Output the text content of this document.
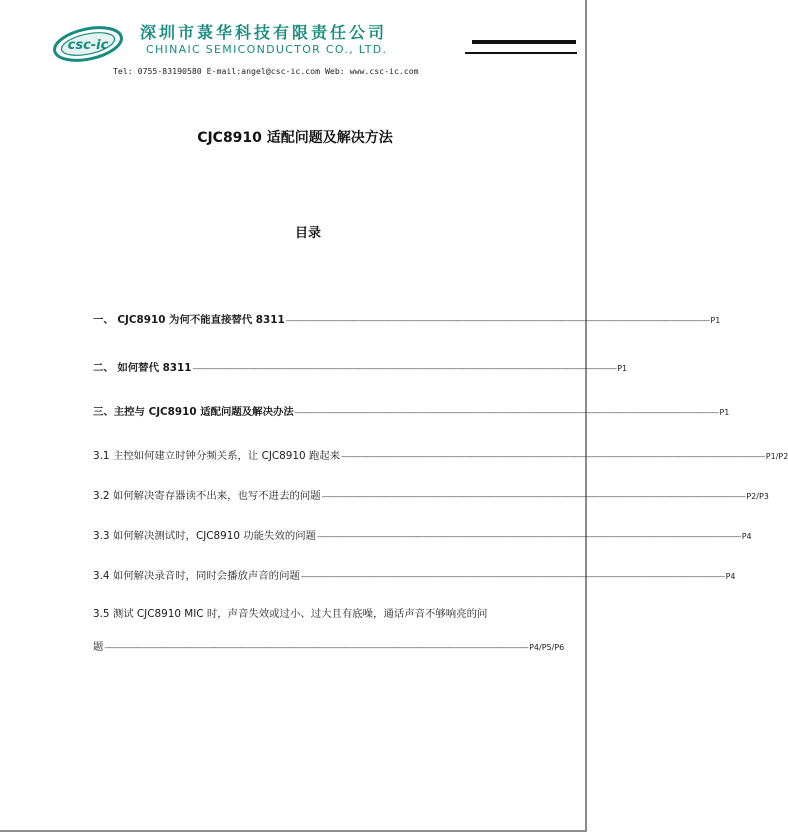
csc-ic
深圳市菉华科技有限责任公司
CHINAIC SEMICONDUCTOR CO., LTD.
Tel: 0755-83190580 E-mail:angel@csc-ic.com Web: www.csc-ic.com
CJC8910 适配问题及解决方法
目录
一、 CJC8910 为何不能直接替代 8311 ---------------------------------------------------------------------------------------------------------------------------------------------------------------------------------------------------------------------------- P1
二、 如何替代 8311 ---------------------------------------------------------------------------------------------------------------------------------------------------------------------------------------------------------------------------- P1
三、主控与 CJC8910 适配问题及解决办法 ---------------------------------------------------------------------------------------------------------------------------------------------------------------------------------------------------------------------------- P1
3.1 主控如何建立时钟分频关系，让 CJC8910 跑起来 ---------------------------------------------------------------------------------------------------------------------------------------------------------------------------------------------------------------------------- P1/P2
3.2 如何解决寄存器读不出来，也写不进去的问题 ---------------------------------------------------------------------------------------------------------------------------------------------------------------------------------------------------------------------------- P2/P3
3.3 如何解决测试时，CJC8910 功能失效的问题 ---------------------------------------------------------------------------------------------------------------------------------------------------------------------------------------------------------------------------- P4
3.4 如何解决录音时，同时会播放声音的问题 ---------------------------------------------------------------------------------------------------------------------------------------------------------------------------------------------------------------------------- P4
3.5 测试 CJC8910 MIC 时，声音失效或过小、过大且有底噪，通话声音不够响亮的问
题 ---------------------------------------------------------------------------------------------------------------------------------------------------------------------------------------------------------------------------- P4/P5/P6
